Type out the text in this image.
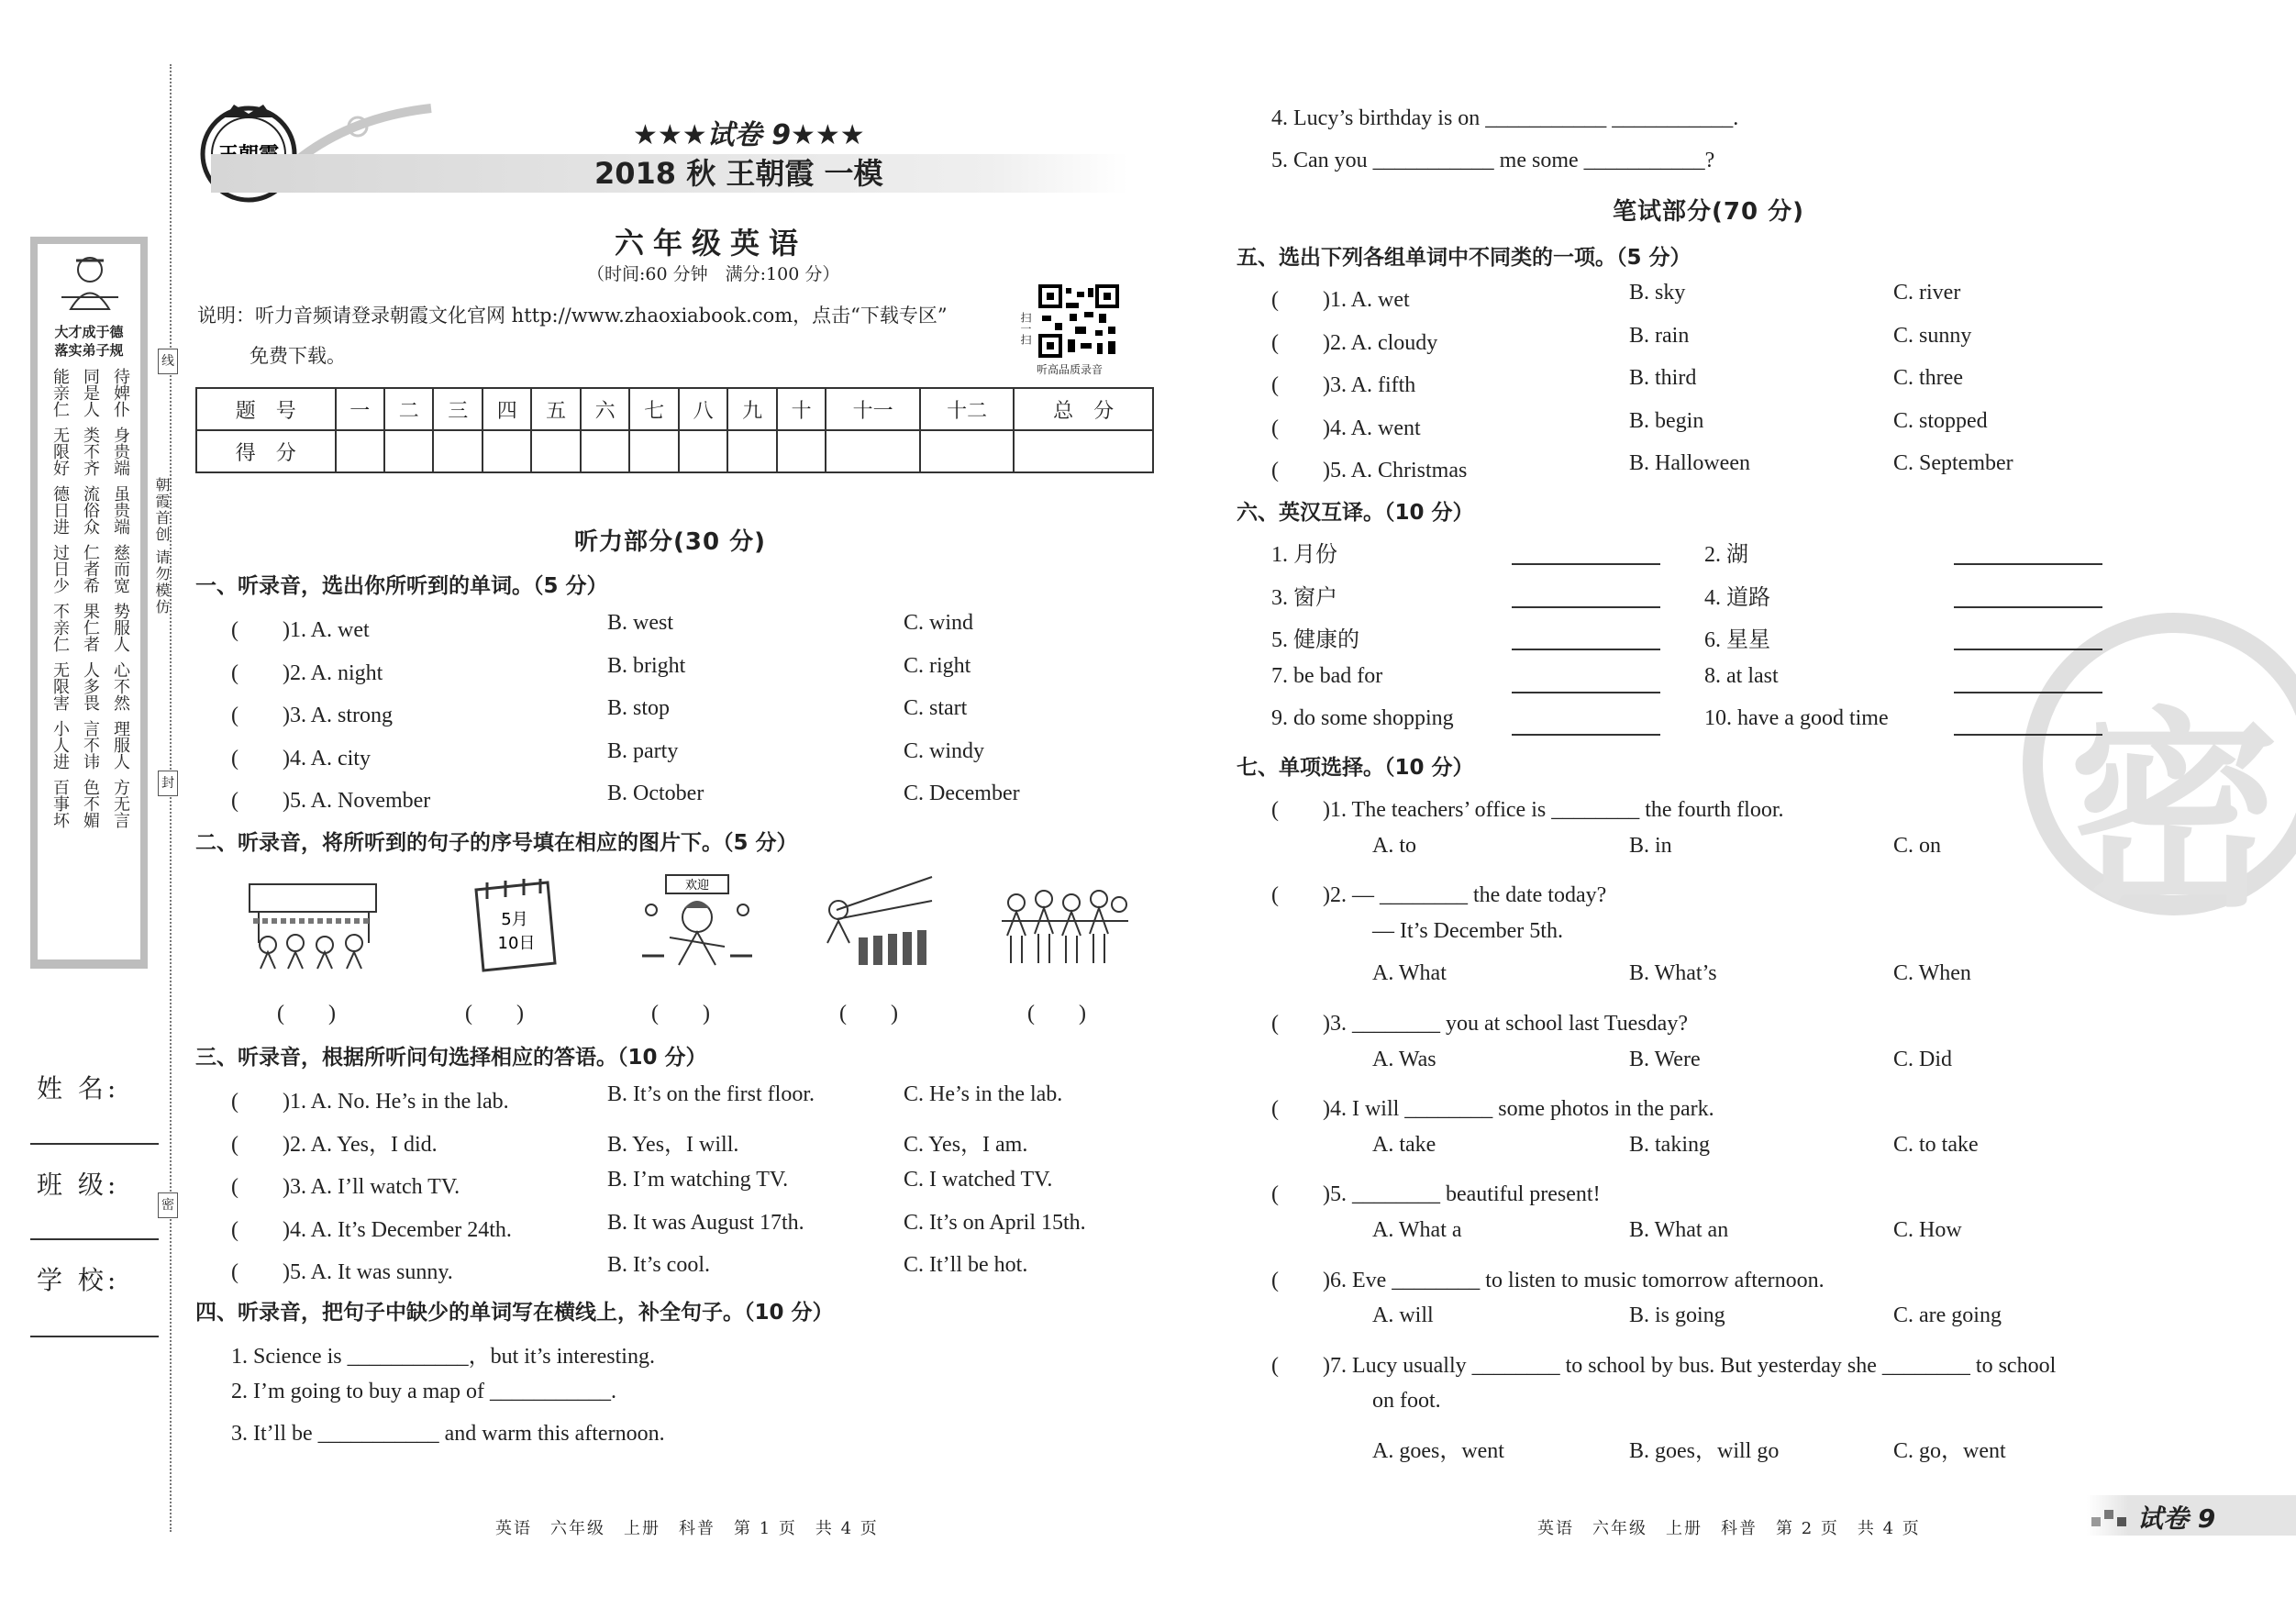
大才成于德
落实弟子规
能亲仁 同是人 待婢仆
无限好 类不齐 身贵端
德日进 流俗众 虽贵端
过日少 仁者希 慈而宽
不亲仁 果仁者 势服人
无限害 人多畏 心不然
小人进 言不讳 理服人
百事坏 色不媚 方无言
朝霞首创 请勿模仿
线
封
密
姓 名:
班 级:
学 校:
★★★试卷 9★★★
2018 秋 王朝霞 一模
六年级英语
（时间:60 分钟　满分:100 分）
说明：听力音频请登录朝霞文化官网 http://www.zhaoxiabook.com，点击“下载专区”
免费下载。
扫一扫
听高品质录音
题　号	一	二	三	四	五	六	七	八	九	十	十一	十二	总　分
得　分													
听力部分(30 分)
一、听录音，选出你所听到的单词。（5 分）
(　　)1. A. wet	B. west	C. wind
(　　)2. A. night	B. bright	C. right
(　　)3. A. strong	B. stop	C. start
(　　)4. A. city	B. party	C. windy
(　　)5. A. November	B. October	C. December
二、听录音，将所听到的句子的序号填在相应的图片下。（5 分）
5月
10日
欢迎
(　　)	(　　)	(　　)	(　　)	(　　)
三、听录音，根据所听问句选择相应的答语。（10 分）
(　　)1. A. No. He’s in the lab.	B. It’s on the first floor.	C. He’s in the lab.
(　　)2. A. Yes，I did.	B. Yes，I will.	C. Yes，I am.
(　　)3. A. I’ll watch TV.	B. I’m watching TV.	C. I watched TV.
(　　)4. A. It’s December 24th.	B. It was August 17th.	C. It’s on April 15th.
(　　)5. A. It was sunny.	B. It’s cool.	C. It’ll be hot.
四、听录音，把句子中缺少的单词写在横线上，补全句子。（10 分）
1. Science is ___________，but it’s interesting.
2. I’m going to buy a map of ___________.
3. It’ll be ___________ and warm this afternoon.
4. Lucy’s birthday is on ___________ ___________.
5. Can you ___________ me some ___________?
英语　六年级　上册　科普　第 1 页　共 4 页
密
笔试部分(70 分)
五、选出下列各组单词中不同类的一项。（5 分）
(　　)1. A. wet	B. sky	C. river
(　　)2. A. cloudy	B. rain	C. sunny
(　　)3. A. fifth	B. third	C. three
(　　)4. A. went	B. begin	C. stopped
(　　)5. A. Christmas	B. Halloween	C. September
六、英汉互译。（10 分）
1. 月份	2. 湖
3. 窗户	4. 道路
5. 健康的	6. 星星
7. be bad for	8. at last
9. do some shopping	10. have a good time
七、单项选择。（10 分）
(　　)1. The teachers’ office is ________ the fourth floor.
A. to	B. in	C. on
(　　)2. — ________ the date today?
— It’s December 5th.
A. What	B. What’s	C. When
(　　)3. ________ you at school last Tuesday?
A. Was	B. Were	C. Did
(　　)4. I will ________ some photos in the park.
A. take	B. taking	C. to take
(　　)5. ________ beautiful present!
A. What a	B. What an	C. How
(　　)6. Eve ________ to listen to music tomorrow afternoon.
A. will	B. is going	C. are going
(　　)7. Lucy usually ________ to school by bus. But yesterday she ________ to school
on foot.
A. goes，went	B. goes，will go	C. go，went
英语　六年级　上册　科普　第 2 页　共 4 页	试卷 9
